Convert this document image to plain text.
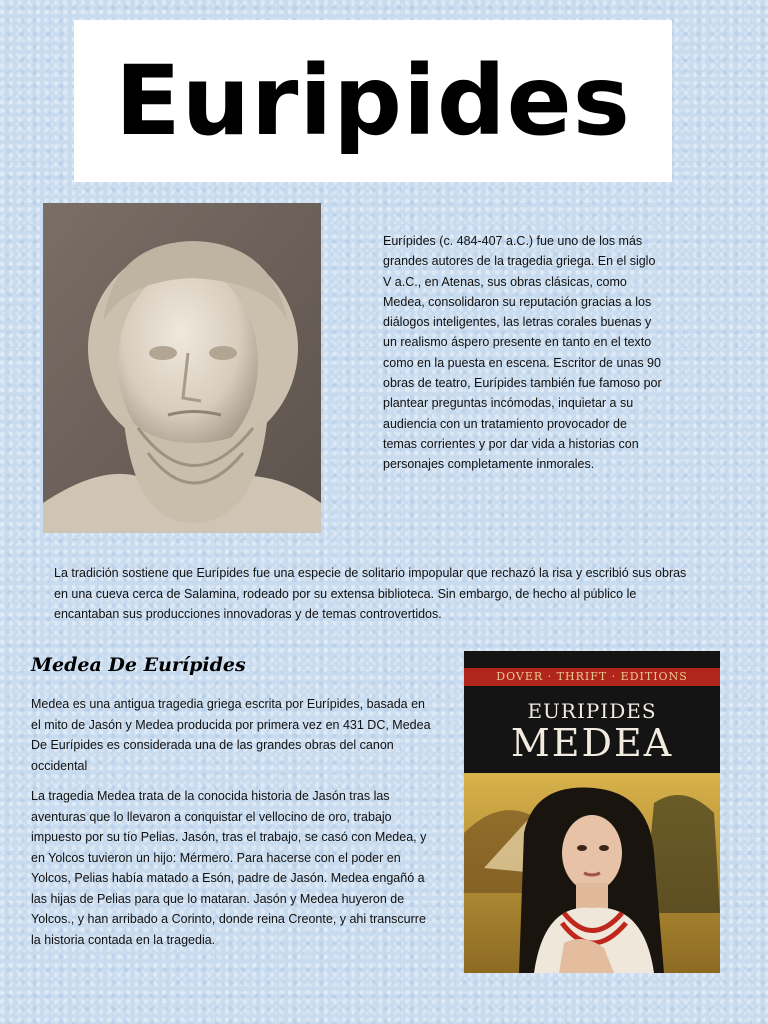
Euripides

Eurípides (c. 484-407 a.C.) fue uno de los más grandes autores de la tragedia griega. En el siglo V a.C., en Atenas, sus obras clásicas, como Medea, consolidaron su reputación gracias a los diálogos inteligentes, las letras corales buenas y un realismo áspero presente en tanto en el texto como en la puesta en escena. Escritor de unas 90 obras de teatro, Eurípides también fue famoso por plantear preguntas incómodas, inquietar a su audiencia con un tratamiento provocador de temas corrientes y por dar vida a historias con personajes completamente inmorales.

La tradición sostiene que Eurípides fue una especie de solitario impopular que rechazó la risa y escribió sus obras en una cueva cerca de Salamina, rodeado por su extensa biblioteca. Sin embargo, de hecho al público le encantaban sus producciones innovadoras y de temas controvertidos.

Medea De Eurípides

Medea es una antigua tragedia griega escrita por Eurípides, basada en el mito de Jasón y Medea producida por primera vez en 431 DC, Medea De Eurípides es considerada una de las grandes obras del canon occidental

La tragedia Medea trata de la conocida historia de Jasón tras las aventuras que lo llevaron a conquistar el vellocino de oro, trabajo impuesto por su tío Pelias. Jasón, tras el trabajo, se casó con Medea, y en Yolcos tuvieron un hijo: Mérmero. Para hacerse con el poder en Yolcos, Pelias había matado a Esón, padre de Jasón. Medea engañó a las hijas de Pelias para que lo mataran. Jasón y Medea huyeron de Yolcos., y han arribado a Corinto, donde reina Creonte, y ahi transcurre la historia contada en la tragedia.

DOVER · THRIFT · EDITIONS
EURIPIDES
MEDEA
